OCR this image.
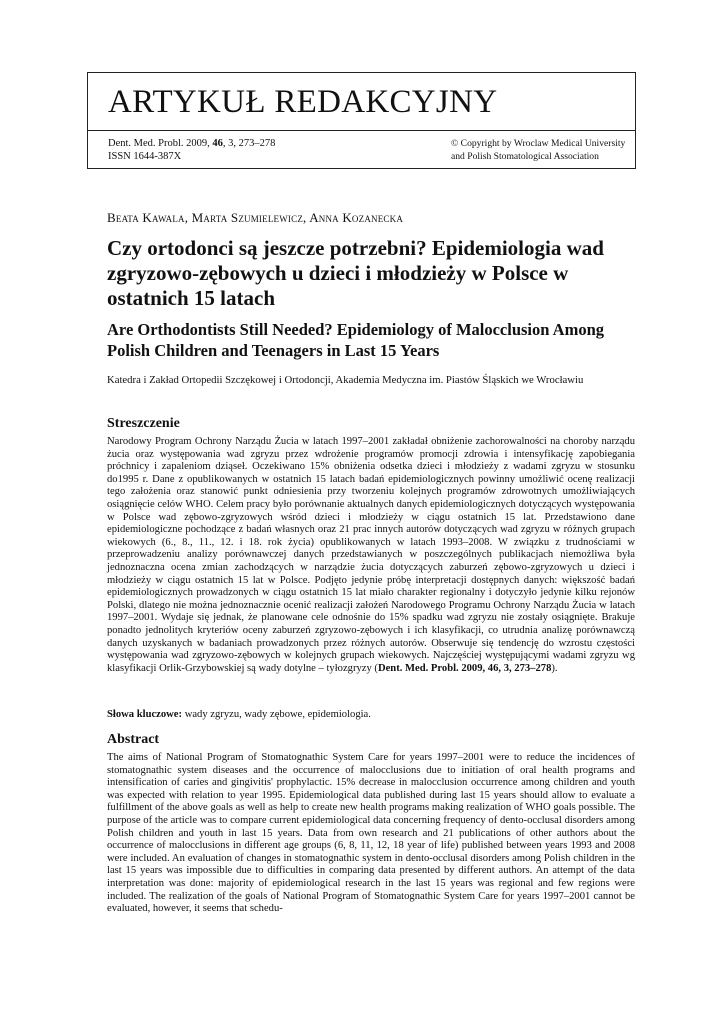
ARTYKUŁ REDAKCYJNY
Dent. Med. Probl. 2009, 46, 3, 273–278
ISSN 1644-387X
© Copyright by Wroclaw Medical University
and Polish Stomatological Association
Beata Kawala, Marta Szumielewicz, Anna Kozanecka
Czy ortodonci są jeszcze potrzebni? Epidemiologia wad zgryzowo-zębowych u dzieci i młodzieży w Polsce w ostatnich 15 latach
Are Orthodontists Still Needed? Epidemiology of Malocclusion Among Polish Children and Teenagers in Last 15 Years
Katedra i Zakład Ortopedii Szczękowej i Ortodoncji, Akademia Medyczna im. Piastów Śląskich we Wrocławiu
Streszczenie

Narodowy Program Ochrony Narządu Żucia w latach 1997–2001 zakładał obniżenie zachorowalności na choroby narządu żucia oraz występowania wad zgryzu przez wdrożenie programów promocji zdrowia i intensyfikację zapobiegania próchnicy i zapaleniom dziąseł. Oczekiwano 15% obniżenia odsetka dzieci i młodzieży z wadami zgryzu w stosunku do1995 r. Dane z opublikowanych w ostatnich 15 latach badań epidemiologicznych powinny umożliwić ocenę realizacji tego założenia oraz stanowić punkt odniesienia przy tworzeniu kolejnych programów zdrowotnych umożliwiających osiągnięcie celów WHO. Celem pracy było porównanie aktualnych danych epidemiologicznych dotyczących występowania w Polsce wad zębowo-zgryzowych wśród dzieci i młodzieży w ciągu ostatnich 15 lat. Przedstawiono dane epidemiologiczne pochodzące z badań własnych oraz 21 prac innych autorów dotyczących wad zgryzu w różnych grupach wiekowych (6., 8., 11., 12. i 18. rok życia) opublikowanych w latach 1993–2008. W związku z trudnościami w przeprowadzeniu analizy porównawczej danych przedstawianych w poszczególnych publikacjach niemożliwa była jednoznaczna ocena zmian zachodzących w narządzie żucia dotyczących zaburzeń zębowo-zgryzowych u dzieci i młodzieży w ciągu ostatnich 15 lat w Polsce. Podjęto jedynie próbę interpretacji dostępnych danych: większość badań epidemiologicznych prowadzonych w ciągu ostatnich 15 lat miało charakter regionalny i dotyczyło jedynie kilku rejonów Polski, dlatego nie można jednoznacznie ocenić realizacji założeń Narodowego Programu Ochrony Narządu Żucia w latach 1997–2001. Wydaje się jednak, że planowane cele odnośnie do 15% spadku wad zgryzu nie zostały osiągnięte. Brakuje ponadto jednolitych kryteriów oceny zaburzeń zgryzowo-zębowych i ich klasyfikacji, co utrudnia analizę porównawczą danych uzyskanych w badaniach prowadzonych przez różnych autorów. Obserwuje się tendencję do wzrostu częstości występowania wad zgryzowo-zębowych w kolejnych grupach wiekowych. Najczęściej występującymi wadami zgryzu wg klasyfikacji Orlik-Grzybowskiej są wady dotylne – tyłozgryzy (Dent. Med. Probl. 2009, 46, 3, 273–278).

Słowa kluczowe: wady zgryzu, wady zębowe, epidemiologia.
Abstract

The aims of National Program of Stomatognathic System Care for years 1997–2001 were to reduce the incidences of stomatognathic system diseases and the occurrence of malocclusions due to initiation of oral health programs and intensification of caries and gingivitis' prophylactic. 15% decrease in malocclusion occurrence among children and youth was expected with relation to year 1995. Epidemiological data published during last 15 years should allow to evaluate a fulfillment of the above goals as well as help to create new health programs making realization of WHO goals possible. The purpose of the article was to compare current epidemiological data concerning frequency of dento-occlusal disorders among Polish children and youth in last 15 years. Data from own research and 21 publications of other authors about the occurrence of malocclusions in different age groups (6, 8, 11, 12, 18 year of life) published between years 1993 and 2008 were included. An evaluation of changes in stomatognathic system in dento-occlusal disorders among Polish children in the last 15 years was impossible due to difficulties in comparing data presented by different authors. An attempt of the data interpretation was done: majority of epidemiological research in the last 15 years was regional and few regions were included. The realization of the goals of National Program of Stomatognathic System Care for years 1997–2001 cannot be evaluated, however, it seems that schedu-
